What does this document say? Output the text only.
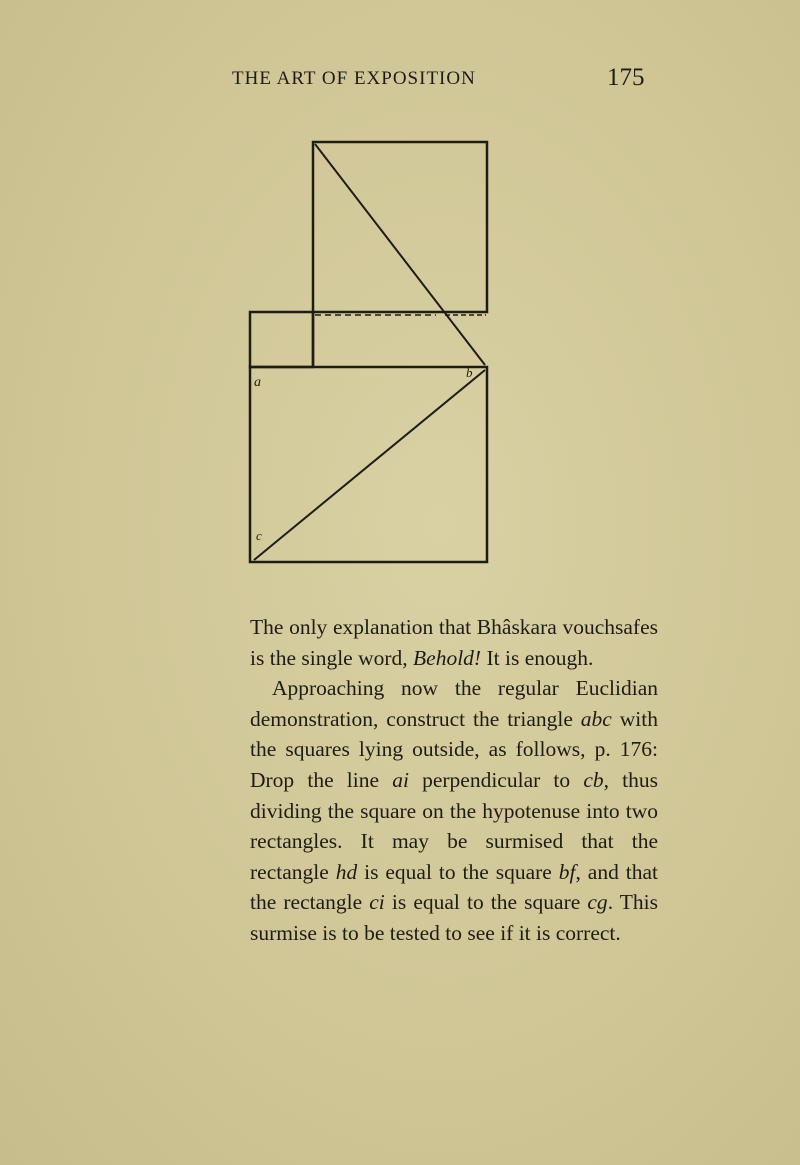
THE ART OF EXPOSITION	175
a
b
c

The only explanation that Bhâskara vouchsafes is the single word, Behold! It is enough.

Approaching now the regular Euclidian demonstration, construct the triangle abc with the squares lying outside, as follows, p. 176: Drop the line ai perpendicular to cb, thus dividing the square on the hypotenuse into two rectangles. It may be surmised that the rectangle hd is equal to the square bf, and that the rectangle ci is equal to the square cg. This surmise is to be tested to see if it is correct.
